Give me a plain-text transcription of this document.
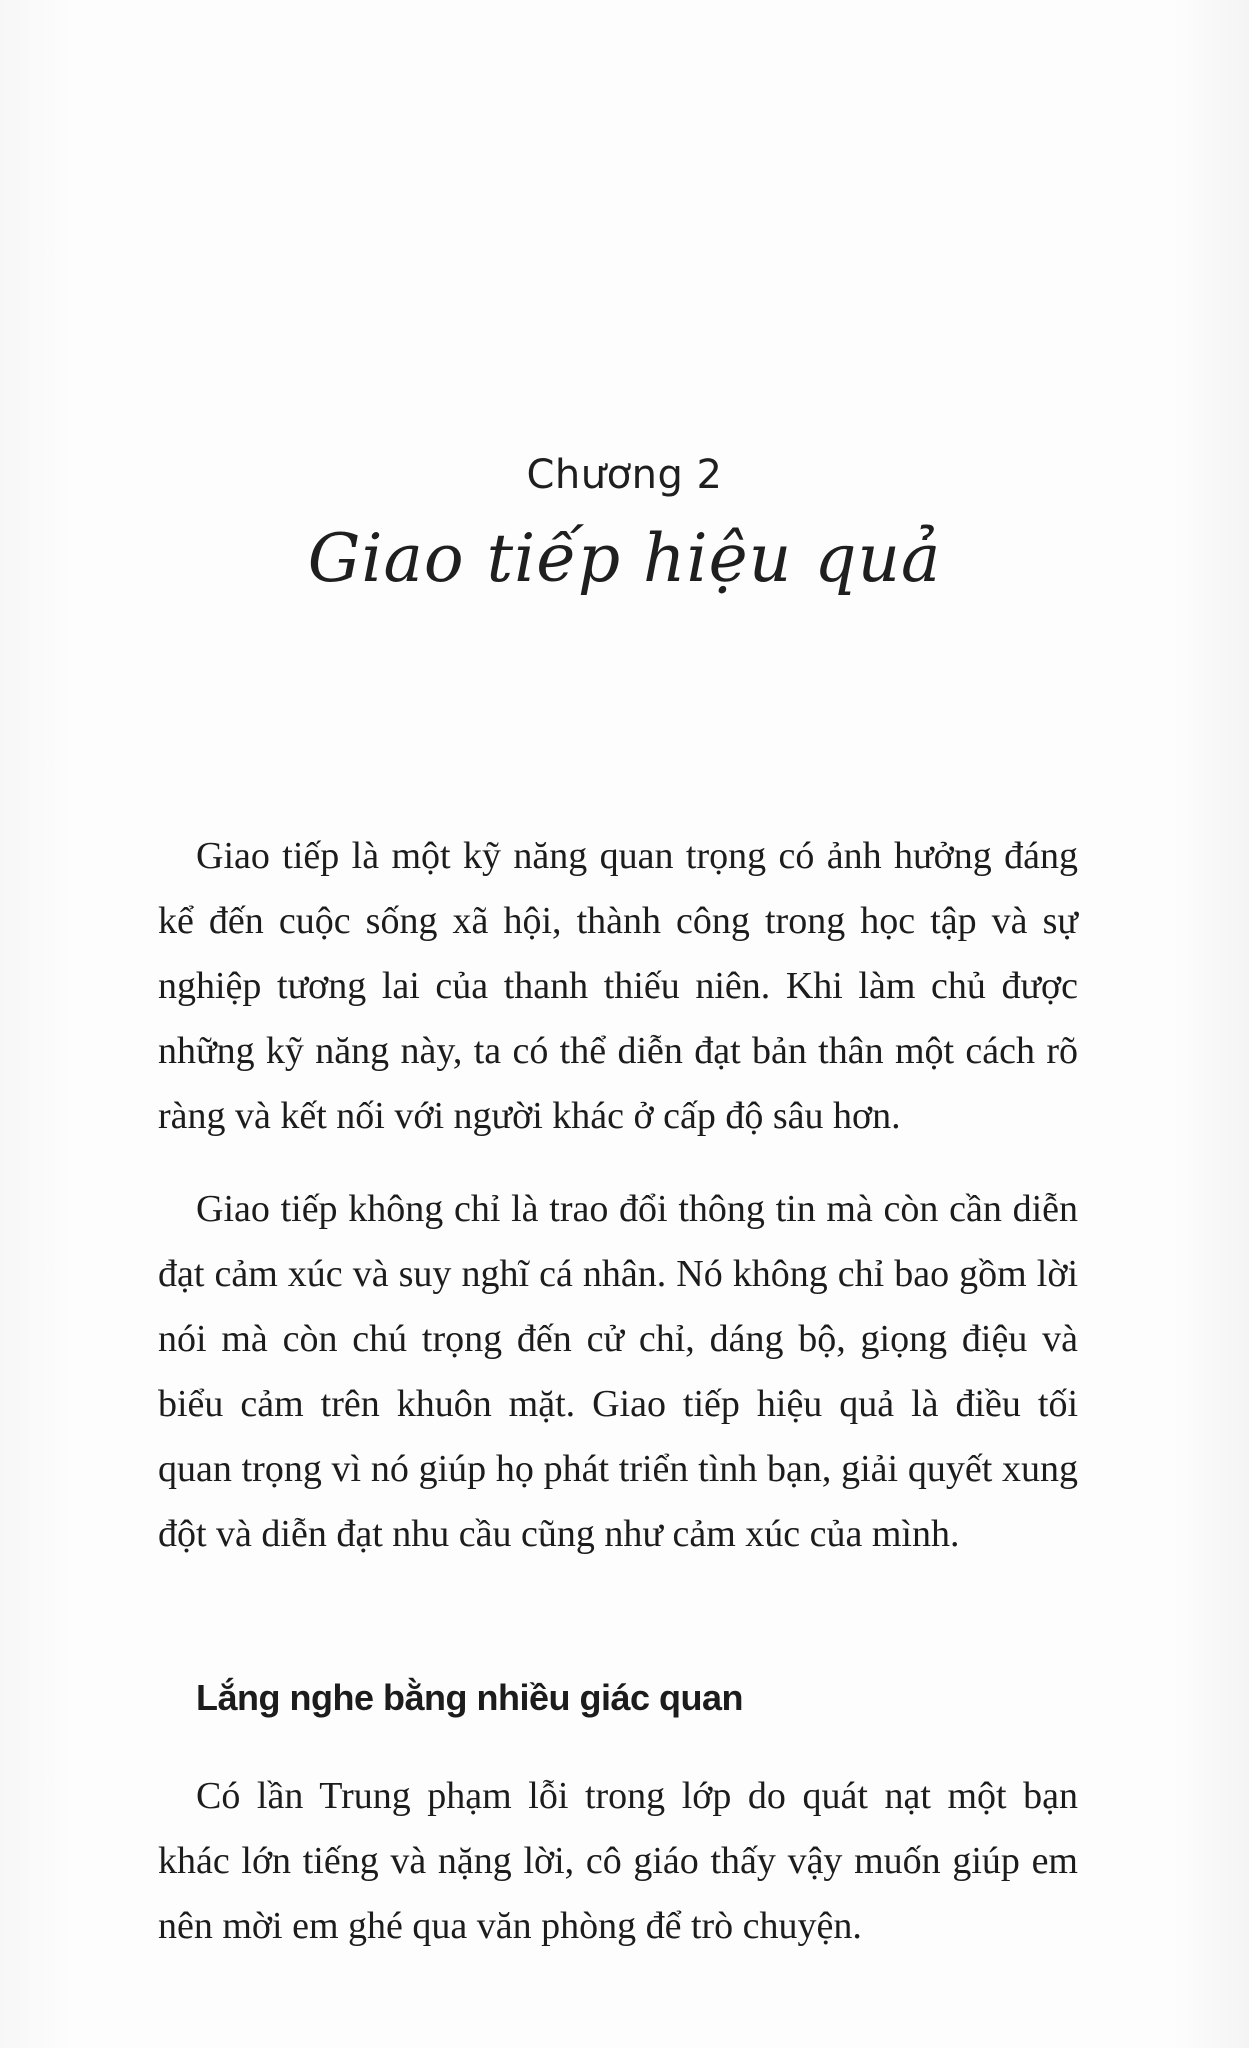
Chương 2
Giao tiếp hiệu quả

Giao tiếp là một kỹ năng quan trọng có ảnh hưởng đáng kể đến cuộc sống xã hội, thành công trong học tập và sự nghiệp tương lai của thanh thiếu niên. Khi làm chủ được những kỹ năng này, ta có thể diễn đạt bản thân một cách rõ ràng và kết nối với người khác ở cấp độ sâu hơn.

Giao tiếp không chỉ là trao đổi thông tin mà còn cần diễn đạt cảm xúc và suy nghĩ cá nhân. Nó không chỉ bao gồm lời nói mà còn chú trọng đến cử chỉ, dáng bộ, giọng điệu và biểu cảm trên khuôn mặt. Giao tiếp hiệu quả là điều tối quan trọng vì nó giúp họ phát triển tình bạn, giải quyết xung đột và diễn đạt nhu cầu cũng như cảm xúc của mình.

Lắng nghe bằng nhiều giác quan

Có lần Trung phạm lỗi trong lớp do quát nạt một bạn khác lớn tiếng và nặng lời, cô giáo thấy vậy muốn giúp em nên mời em ghé qua văn phòng để trò chuyện.
